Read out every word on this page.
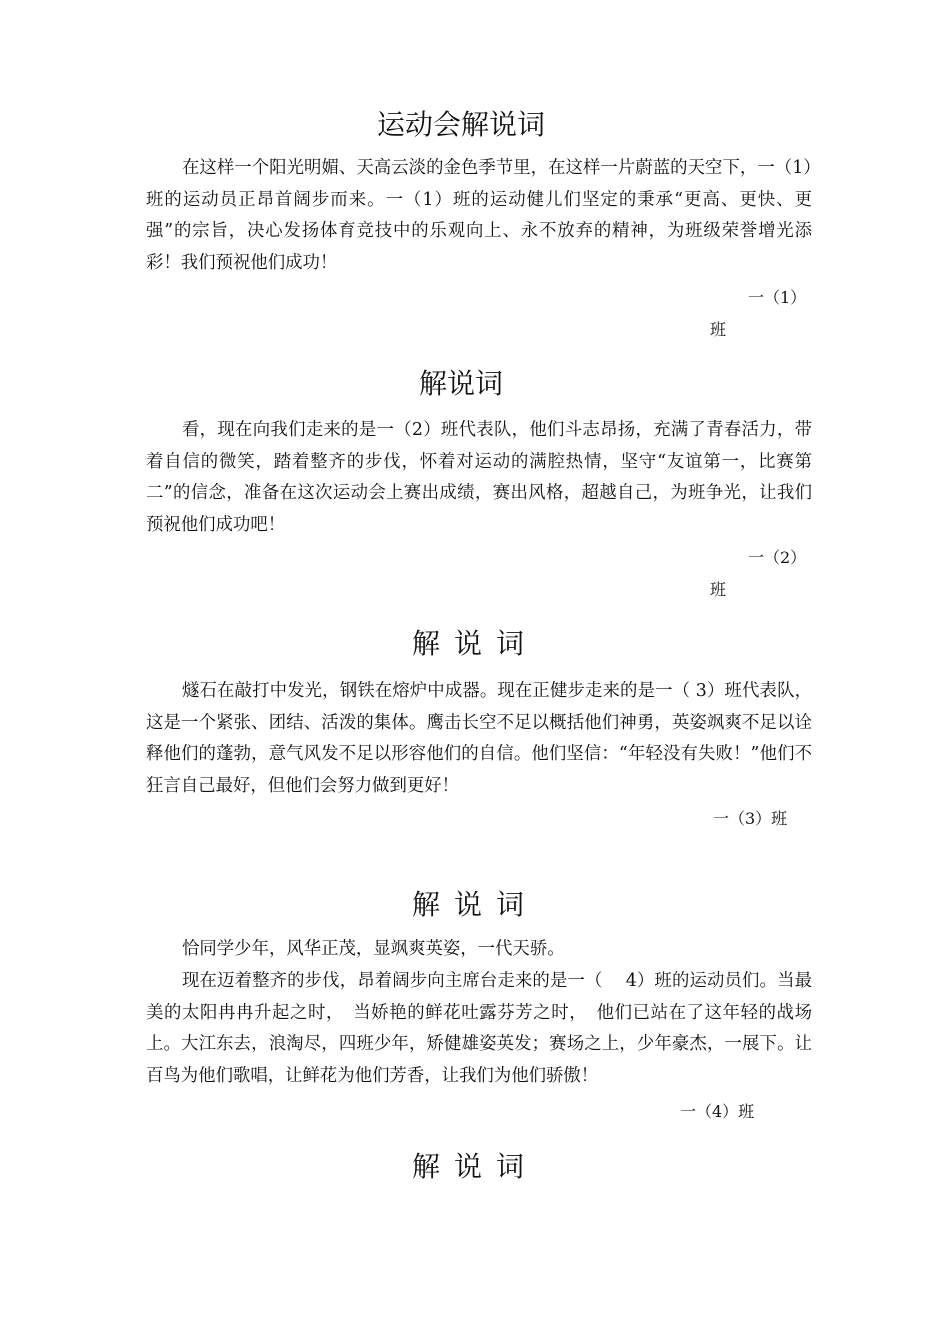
运动会解说词

在这样一个阳光明媚、天高云淡的金色季节里，在这样一片蔚蓝的天空下，一（1）班的运动员正昂首阔步而来。一（1）班的运动健儿们坚定的秉承“更高、更快、更强”的宗旨，决心发扬体育竞技中的乐观向上、永不放弃的精神，为班级荣誉增光添彩！我们预祝他们成功！

一（1）
班
解说词

看，现在向我们走来的是一（2）班代表队，他们斗志昂扬，充满了青春活力，带着自信的微笑，踏着整齐的步伐，怀着对运动的满腔热情，坚守“友谊第一，比赛第二”的信念，准备在这次运动会上赛出成绩，赛出风格，超越自己，为班争光，让我们预祝他们成功吧！

一（2）
班
解说词

燧石在敲打中发光，钢铁在熔炉中成器。现在正健步走来的是一（ 3）班代表队，这是一个紧张、团结、活泼的集体。鹰击长空不足以概括他们神勇，英姿飒爽不足以诠释他们的蓬勃，意气风发不足以形容他们的自信。他们坚信：“年轻没有失败！”他们不狂言自己最好，但他们会努力做到更好！

一（3）班
解说词

恰同学少年，风华正茂，显飒爽英姿，一代天骄。

现在迈着整齐的步伐，昂着阔步向主席台走来的是一（　 4）班的运动员们。当最美的太阳冉冉升起之时，　当娇艳的鲜花吐露芬芳之时，　他们已站在了这年轻的战场上。大江东去，浪淘尽，四班少年，矫健雄姿英发；赛场之上，少年豪杰，一展下。让百鸟为他们歌唱，让鲜花为他们芳香，让我们为他们骄傲！

一（4）班
解说词
